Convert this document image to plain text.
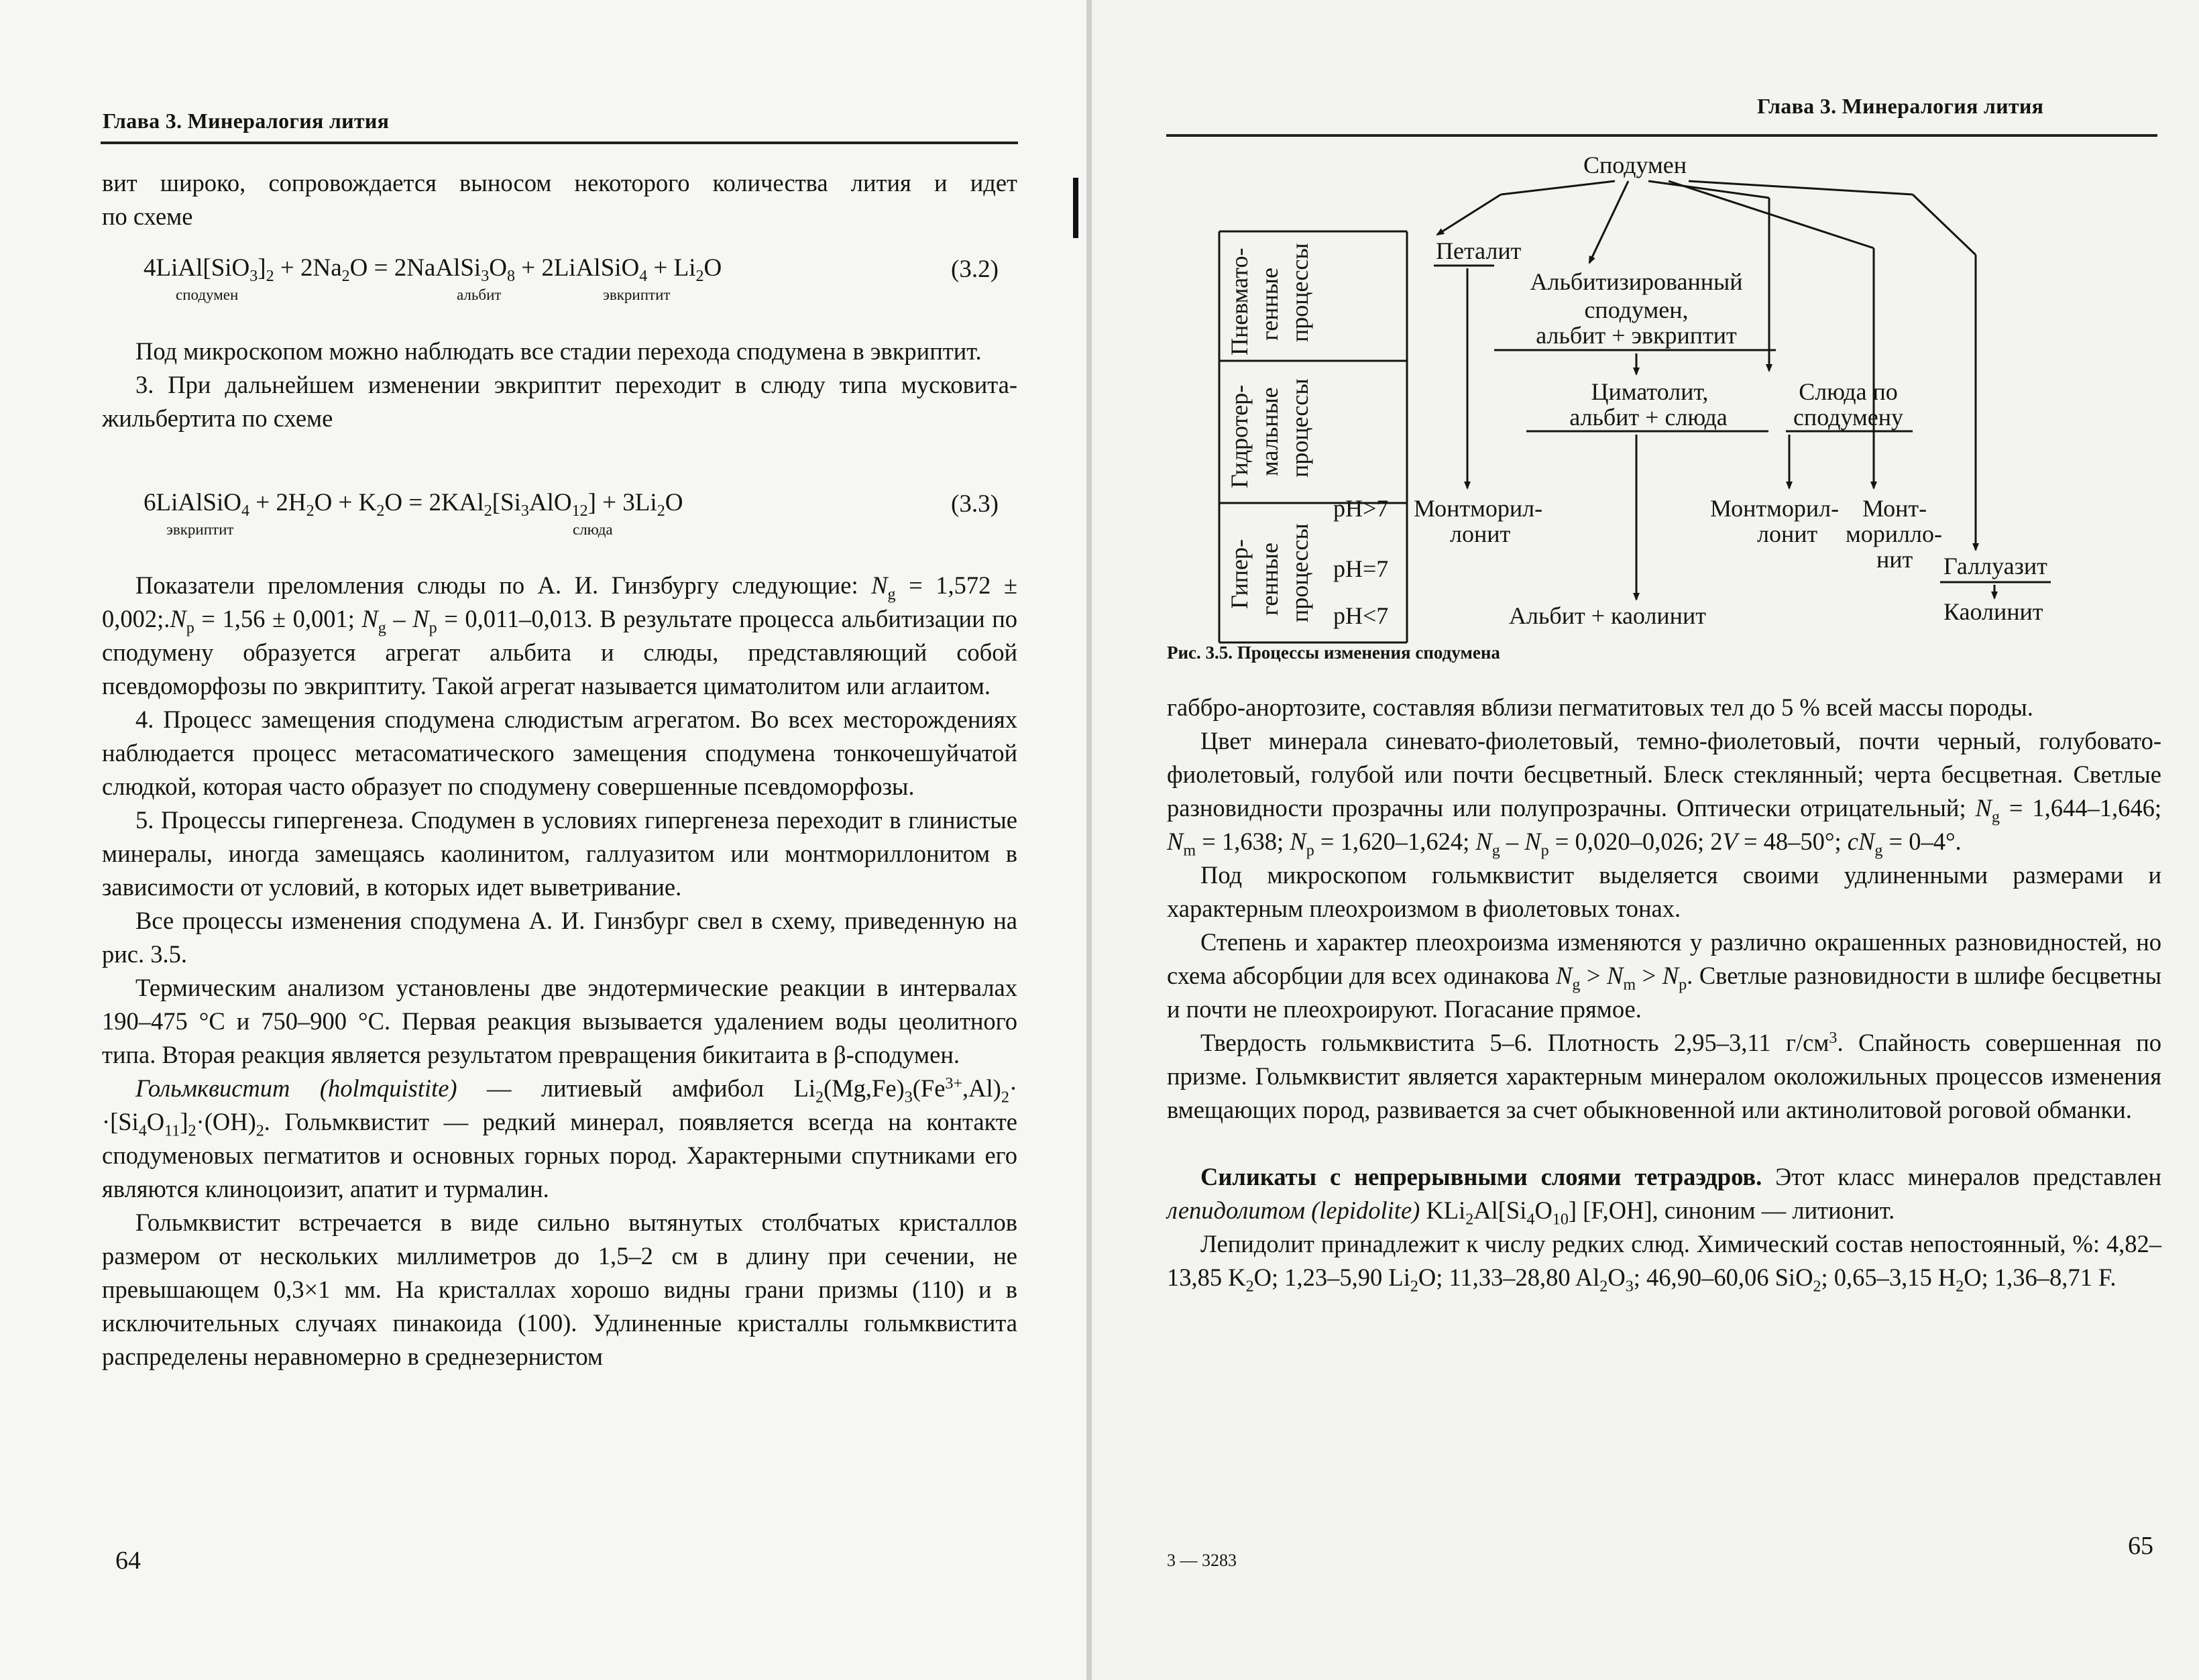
Глава 3. Минералогия лития
вит широко, сопровождается выносом некоторого количества лития и идет
по схеме
$4LiAl[SiO_3]_2 + 2Na_2O$ = $2NaAlSi_3O_8$ + 2LiAlSiO$_4$ + $Li_2O$
сподумен	альбит	эвкриптит
(3.2)

Под микроскопом можно наблюдать все стадии перехода сподумена в эвкриптит.

3. При дальнейшем изменении эвкриптит переходит в слюду типа мусковита-жильбертита по схеме

6LiAlSiO$_4$ + $2H_2O + K_2O = 2KAl_2[Si_3AlO_{12}] + 3Li_2O$
эвкриптит	слюда
(3.3)

Показатели преломления слюды по А. И. Гинзбургу следующие: $N_g = 1,572$ ± $0,002;.N_p = 1,56 \pm 0,001$; $N_g - N_p = 0,011-0,013$. В результате процесса альбитизации по сподумену образуется агрегат альбита и слюды, представляющий собой псевдоморфозы по эвкриптиту. Такой агрегат называется циматолитом или аглаитом.

4. Процесс замещения сподумена слюдистым агрегатом. Во всех месторождениях наблюдается процесс метасоматического замещения сподумена тонкочешуйчатой слюдкой, которая часто образует по сподумену совершенные псевдоморфозы.

5. Процессы гипергенеза. Сподумен в условиях гипергенеза переходит в глинистые минералы, иногда замещаясь каолинитом, галлуазитом или монтмориллонитом в зависимости от условий, в которых идет выветривание.

Все процессы изменения сподумена А. И. Гинзбург свел в схему, приведенную на рис. 3.5.

Термическим анализом установлены две эндотермические реакции в интервалах 190–475 °С и 750–900 °С. Первая реакция вызывается удалением воды цеолитного типа. Вторая реакция является результатом превращения бикитаита в β-сподумен.

Гольмквистит (holmquistite) — литиевый амфибол $Li_2(Mg,Fe)_3(Fe^{3+},Al)_2\cdot \cdot[Si_4O_{11}]_2\cdot(OH)_2$. Гольмквистит — редкий минерал, появляется всегда на контакте сподуменовых пегматитов и основных горных пород. Характерными спутниками его являются клиноцоизит, апатит и турмалин.

Гольмквистит встречается в виде сильно вытянутых столбчатых кристаллов размером от нескольких миллиметров до 1,5–2 см в длину при сечении, не превышающем 0,3×1 мм. На кристаллах хорошо видны грани призмы (110) и в исключительных случаях пинакоида (100). Удлиненные кристаллы гольмквистита распределены неравномерно в среднезернистом

64
Глава 3. Минералогия лития
Пневмато- генные процессы
Гидротер- мальные процессы
Гипер- генные процессы
pH>7
pH=7
pH<7
Сподумен
Петалит
Альбитизированный
сподумен,
альбит + эвкриптит
Циматолит,
альбит + слюда
Слюда по
сподумену
Монтморил-
лонит
Монтморил-
лонит
Монт-
морилло-
нит
Альбит + каолинит
Галлуазит
Каолинит
Рис. 3.5. Процессы изменения сподумена

габбро-анортозите, составляя вблизи пегматитовых тел до 5 % всей массы породы.

Цвет минерала синевато-фиолетовый, темно-фиолетовый, почти черный, голубовато-фиолетовый, голубой или почти бесцветный. Блеск стеклянный; черта бесцветная. Светлые разновидности прозрачны или полупрозрачны. Оптически отрицательный; $N_g = 1,644-1,646$; $N_m = 1,638$; $N_p = 1,620-1,624$; $N_g - N_p = 0,020-0,026$; 2V = 48–50°; $cN_g = 0-4^\circ$.

Под микроскопом гольмквистит выделяется своими удлиненными размерами и характерным плеохроизмом в фиолетовых тонах.

Степень и характер плеохроизма изменяются у различно окрашенных разновидностей, но схема абсорбции для всех одинакова $N_g > N_m > N_p$. Светлые разновидности в шлифе бесцветны и почти не плеохроируют. Погасание прямое.

Твердость гольмквистита 5–6. Плотность 2,95–3,11 $г/см^3$. Спайность совершенная по призме. Гольмквистит является характерным минералом околожильных процессов изменения вмещающих пород, развивается за счет обыкновенной или актинолитовой роговой обманки.

Силикаты с непрерывными слоями тетраэдров. Этот класс минералов представлен лепидолитом (lepidolite) $KLi_2Al[Si_4O_{10}]$ [F,OH], синоним — литионит.

Лепидолит принадлежит к числу редких слюд. Химический состав непостоянный, %: 4,82–13,85 $K_2O$; 1,23–5,90 $Li_2O$; 11,33–28,80 $Al_2O_3$; 46,90–60,06 SiO$_2$; 0,65–3,15 $H_2O$; 1,36–8,71 F.

3 — 3283
65
